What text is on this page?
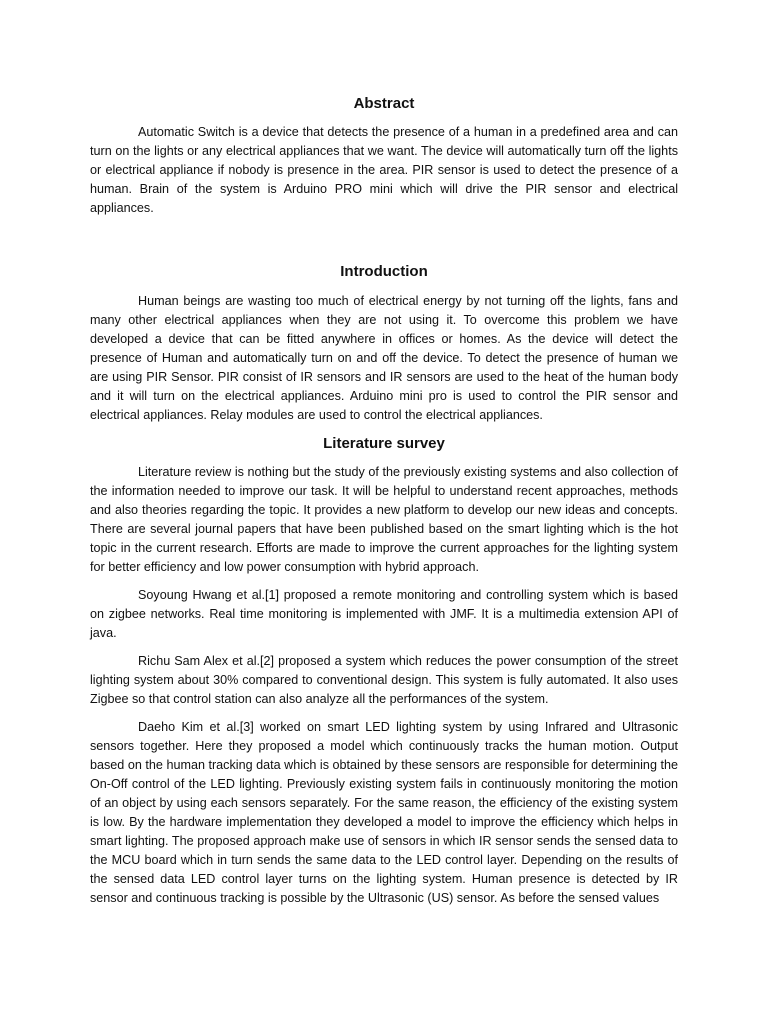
Abstract

Automatic Switch is a device that detects the presence of a human in a predefined area and can turn on the lights or any electrical appliances that we want. The device will automatically turn off the lights or electrical appliance if nobody is presence in the area. PIR sensor is used to detect the presence of a human. Brain of the system is Arduino PRO mini which will drive the PIR sensor and electrical appliances.

Introduction

Human beings are wasting too much of electrical energy by not turning off the lights, fans and many other electrical appliances when they are not using it. To overcome this problem we have developed a device that can be fitted anywhere in offices or homes. As the device will detect the presence of Human and automatically turn on and off the device. To detect the presence of human we are using PIR Sensor. PIR consist of IR sensors and IR sensors are used to the heat of the human body and it will turn on the electrical appliances. Arduino mini pro is used to control the PIR sensor and electrical appliances. Relay modules are used to control the electrical appliances.

Literature survey

Literature review is nothing but the study of the previously existing systems and also collection of the information needed to improve our task. It will be helpful to understand recent approaches, methods and also theories regarding the topic. It provides a new platform to develop our new ideas and concepts. There are several journal papers that have been published based on the smart lighting which is the hot topic in the current research. Efforts are made to improve the current approaches for the lighting system for better efficiency and low power consumption with hybrid approach.

Soyoung Hwang et al.[1] proposed a remote monitoring and controlling system which is based on zigbee networks. Real time monitoring is implemented with JMF. It is a multimedia extension API of java.

Richu Sam Alex et al.[2] proposed a system which reduces the power consumption of the street lighting system about 30% compared to conventional design. This system is fully automated. It also uses Zigbee so that control station can also analyze all the performances of the system.

Daeho Kim et al.[3] worked on smart LED lighting system by using Infrared and Ultrasonic sensors together. Here they proposed a model which continuously tracks the human motion. Output based on the human tracking data which is obtained by these sensors are responsible for determining the On-Off control of the LED lighting. Previously existing system fails in continuously monitoring the motion of an object by using each sensors separately. For the same reason, the efficiency of the existing system is low. By the hardware implementation they developed a model to improve the efficiency which helps in smart lighting. The proposed approach make use of sensors in which IR sensor sends the sensed data to the MCU board which in turn sends the same data to the LED control layer. Depending on the results of the sensed data LED control layer turns on the lighting system. Human presence is detected by IR sensor and continuous tracking is possible by the Ultrasonic (US) sensor. As before the sensed values
